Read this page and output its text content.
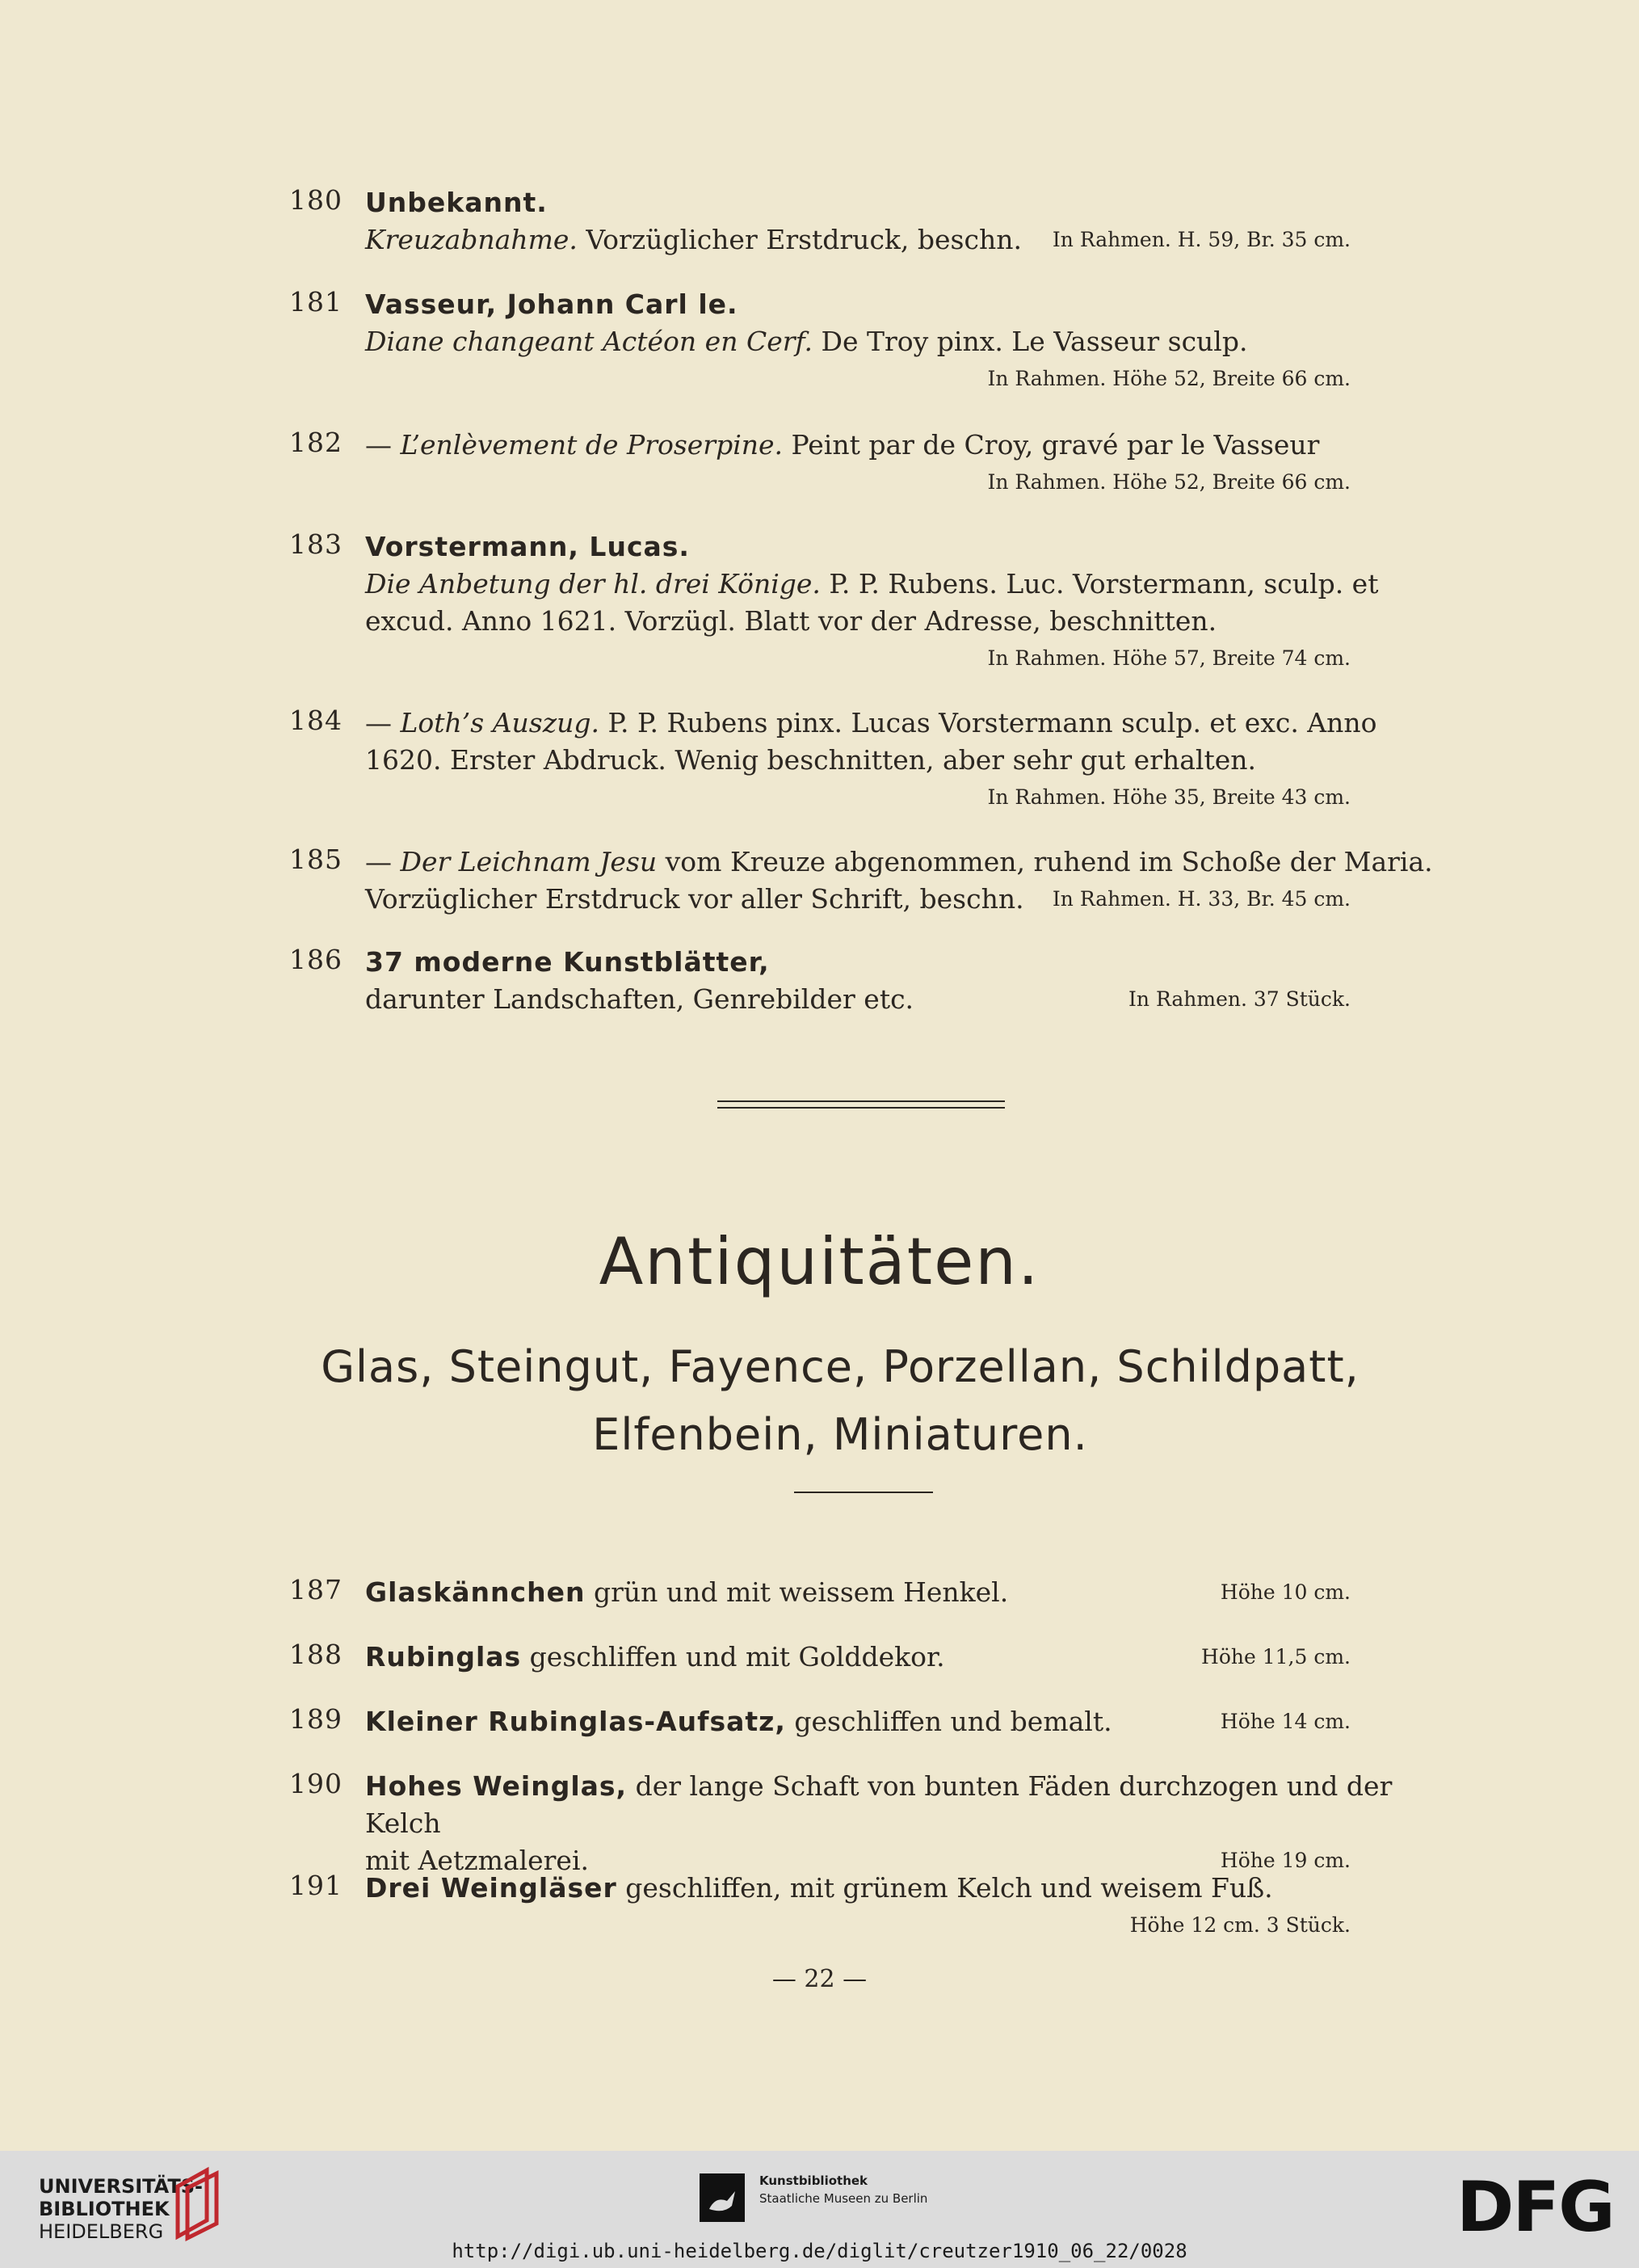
180 Unbekannt.
Kreuzabnahme. Vorzüglicher Erstdruck, beschn. In Rahmen. H. 59, Br. 35 cm.
181 Vasseur, Johann Carl le.
Diane changeant Actéon en Cerf. De Troy pinx. Le Vasseur sculp.
In Rahmen. Höhe 52, Breite 66 cm.
182 — L’enlèvement de Proserpine. Peint par de Croy, gravé par le Vasseur
In Rahmen. Höhe 52, Breite 66 cm.
183 Vorstermann, Lucas.
Die Anbetung der hl. drei Könige. P. P. Rubens. Luc. Vorstermann, sculp. et
excud. Anno 1621. Vorzügl. Blatt vor der Adresse, beschnitten.
In Rahmen. Höhe 57, Breite 74 cm.
184 — Loth’s Auszug. P. P. Rubens pinx. Lucas Vorstermann sculp. et exc. Anno
1620. Erster Abdruck. Wenig beschnitten, aber sehr gut erhalten.
In Rahmen. Höhe 35, Breite 43 cm.
185 — Der Leichnam Jesu vom Kreuze abgenommen, ruhend im Schoße der Maria.
Vorzüglicher Erstdruck vor aller Schrift, beschn. In Rahmen. H. 33, Br. 45 cm.
186 37 moderne Kunstblätter,
darunter Landschaften, Genrebilder etc.	In Rahmen. 37 Stück.
Antiquitäten.
Glas, Steingut, Fayence, Porzellan, Schildpatt,
Elfenbein, Miniaturen.
187 Glaskännchen grün und mit weissem Henkel.	Höhe 10 cm.
188 Rubinglas geschliffen und mit Golddekor.	Höhe 11,5 cm.
189 Kleiner Rubinglas-Aufsatz, geschliffen und bemalt.	Höhe 14 cm.
190 Hohes Weinglas, der lange Schaft von bunten Fäden durchzogen und der Kelch
mit Aetzmalerei.	Höhe 19 cm.
191 Drei Weingläser geschliffen, mit grünem Kelch und weisem Fuß.
Höhe 12 cm. 3 Stück.
— 22 —
UNIVERSITÄTS-
BIBLIOTHEK
HEIDELBERG
Kunstbibliothek
Staatliche Museen zu Berlin	DFG
http://digi.ub.uni-heidelberg.de/diglit/creutzer1910_06_22/0028
